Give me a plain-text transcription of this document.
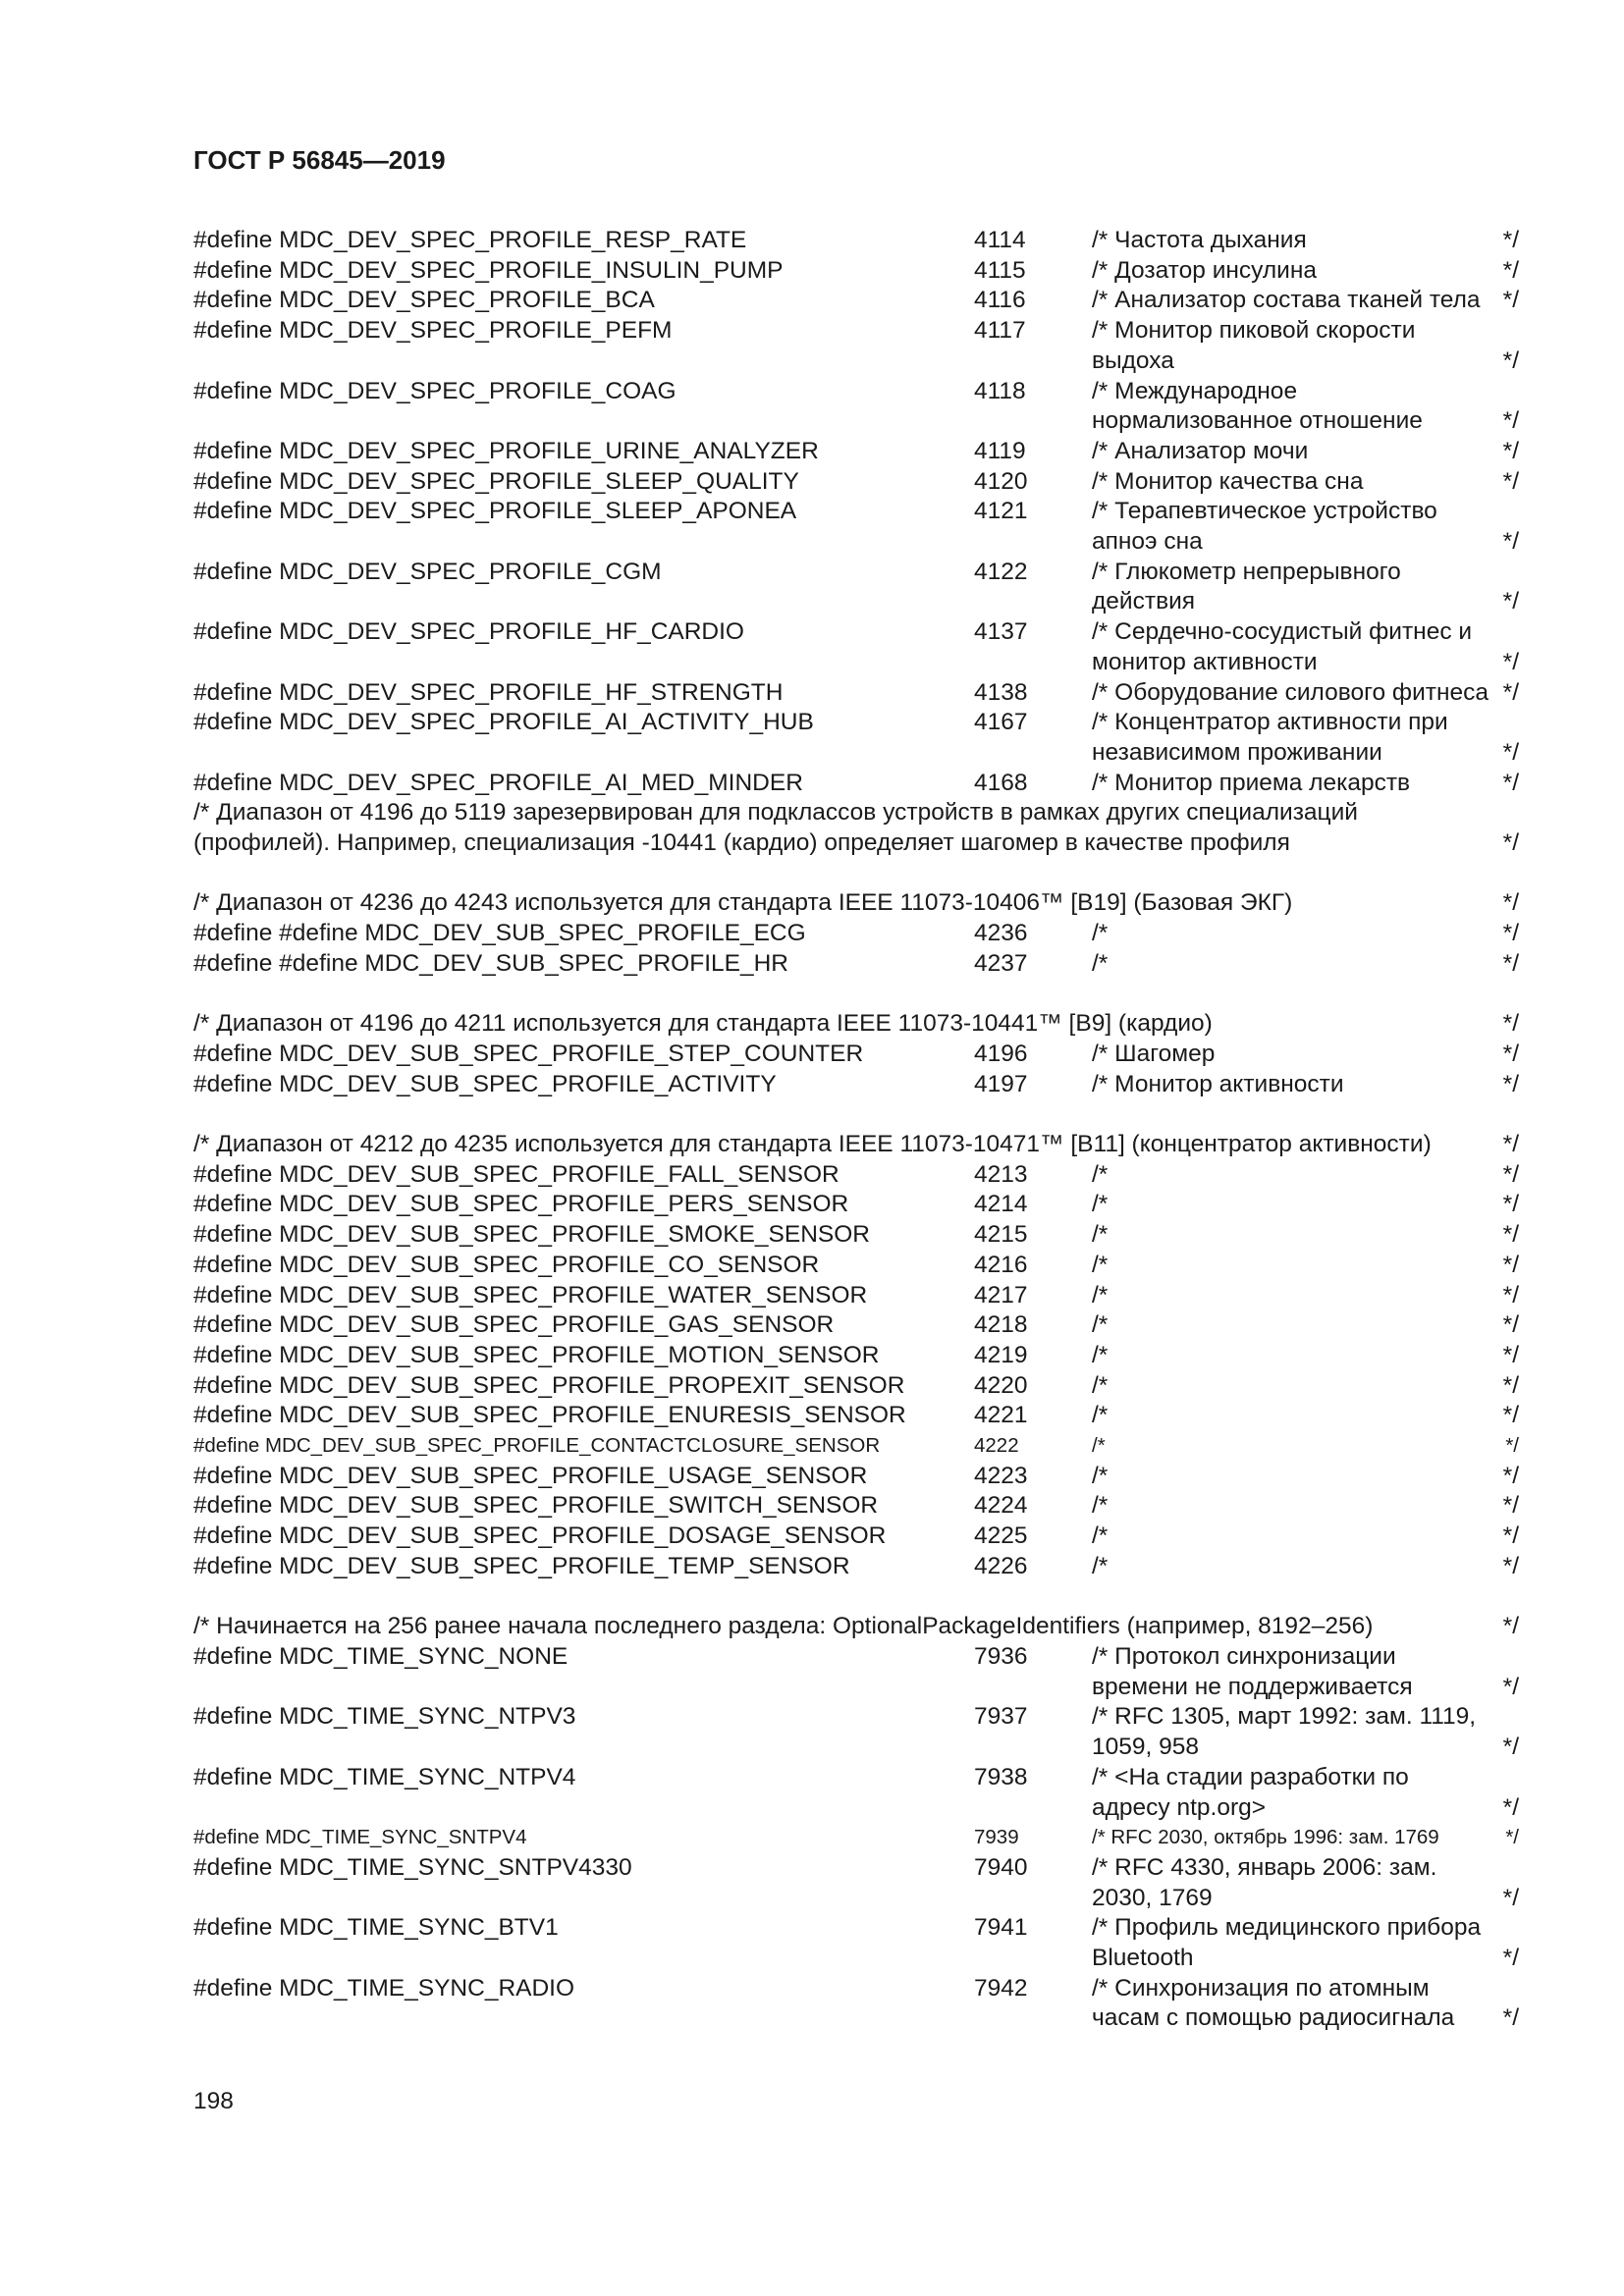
ГОСТ Р 56845—2019
#define MDC_DEV_SPEC_PROFILE_RESP_RATE	4114	/* Частота дыхания	*/
#define MDC_DEV_SPEC_PROFILE_INSULIN_PUMP	4115	/* Дозатор инсулина	*/
#define MDC_DEV_SPEC_PROFILE_BCA	4116	/* Анализатор состава тканей тела */
#define MDC_DEV_SPEC_PROFILE_PEFM	4117	/* Монитор пиковой скорости выдоха	*/
#define MDC_DEV_SPEC_PROFILE_COAG	4118	/* Международное нормализованное отношение	*/
#define MDC_DEV_SPEC_PROFILE_URINE_ANALYZER	4119	/* Анализатор мочи	*/
#define MDC_DEV_SPEC_PROFILE_SLEEP_QUALITY	4120	/* Монитор качества сна	*/
#define MDC_DEV_SPEC_PROFILE_SLEEP_APONEA	4121	/* Терапевтическое устройство апноэ сна	*/
#define MDC_DEV_SPEC_PROFILE_CGM	4122	/* Глюкометр непрерывного действия	*/
#define MDC_DEV_SPEC_PROFILE_HF_CARDIO	4137	/* Сердечно-сосудистый фитнес и монитор активности	*/
#define MDC_DEV_SPEC_PROFILE_HF_STRENGTH	4138	/* Оборудование силового фитнеса */
#define MDC_DEV_SPEC_PROFILE_AI_ACTIVITY_HUB	4167	/* Концентратор активности при независимом проживании	*/
#define MDC_DEV_SPEC_PROFILE_AI_MED_MINDER	4168	/* Монитор приема лекарств	*/
/* Диапазон от 4196 до 5119 зарезервирован для подклассов устройств в рамках других специализаций (профилей). Например, специализация -10441 (кардио) определяет шагомер в качестве профиля	*/
/* Диапазон от 4236 до 4243 используется для стандарта IEEE 11073-10406™ [B19] (Базовая ЭКГ)	*/
#define #define MDC_DEV_SUB_SPEC_PROFILE_ECG	4236	/*	*/
#define #define MDC_DEV_SUB_SPEC_PROFILE_HR	4237	/*	*/
/* Диапазон от 4196 до 4211 используется для стандарта IEEE 11073-10441™ [B9] (кардио)	*/
#define MDC_DEV_SUB_SPEC_PROFILE_STEP_COUNTER	4196	/* Шагомер	*/
#define MDC_DEV_SUB_SPEC_PROFILE_ACTIVITY	4197	/* Монитор активности	*/
/* Диапазон от 4212 до 4235 используется для стандарта IEEE 11073-10471™ [B11] (концентратор активности)	*/
#define MDC_DEV_SUB_SPEC_PROFILE_FALL_SENSOR	4213	/*	*/
#define MDC_DEV_SUB_SPEC_PROFILE_PERS_SENSOR	4214	/*	*/
#define MDC_DEV_SUB_SPEC_PROFILE_SMOKE_SENSOR	4215	/*	*/
#define MDC_DEV_SUB_SPEC_PROFILE_CO_SENSOR	4216	/*	*/
#define MDC_DEV_SUB_SPEC_PROFILE_WATER_SENSOR	4217	/*	*/
#define MDC_DEV_SUB_SPEC_PROFILE_GAS_SENSOR	4218	/*	*/
#define MDC_DEV_SUB_SPEC_PROFILE_MOTION_SENSOR	4219	/*	*/
#define MDC_DEV_SUB_SPEC_PROFILE_PROPEXIT_SENSOR	4220	/*	*/
#define MDC_DEV_SUB_SPEC_PROFILE_ENURESIS_SENSOR	4221	/*	*/
#define MDC_DEV_SUB_SPEC_PROFILE_CONTACTCLOSURE_SENSOR	4222	/*	*/
#define MDC_DEV_SUB_SPEC_PROFILE_USAGE_SENSOR	4223	/*	*/
#define MDC_DEV_SUB_SPEC_PROFILE_SWITCH_SENSOR	4224	/*	*/
#define MDC_DEV_SUB_SPEC_PROFILE_DOSAGE_SENSOR	4225	/*	*/
#define MDC_DEV_SUB_SPEC_PROFILE_TEMP_SENSOR	4226	/*	*/
/* Начинается на 256 ранее начала последнего раздела: OptionalPackageIdentifiers (например, 8192–256)	*/
#define MDC_TIME_SYNC_NONE	7936	/* Протокол синхронизации времени не поддерживается	*/
#define MDC_TIME_SYNC_NTPV3	7937	/* RFC 1305, март 1992: зам. 1119, 1059, 958	*/
#define MDC_TIME_SYNC_NTPV4	7938	/* <На стадии разработки по адресу ntp.org>	*/
#define MDC_TIME_SYNC_SNTPV4	7939	/* RFC 2030, октябрь 1996: зам. 1769	*/
#define MDC_TIME_SYNC_SNTPV4330	7940	/* RFC 4330, январь 2006: зам. 2030, 1769	*/
#define MDC_TIME_SYNC_BTV1	7941	/* Профиль медицинского прибора Bluetooth	*/
#define MDC_TIME_SYNC_RADIO	7942	/* Синхронизация по атомным часам с помощью радиосигнала	*/
198
